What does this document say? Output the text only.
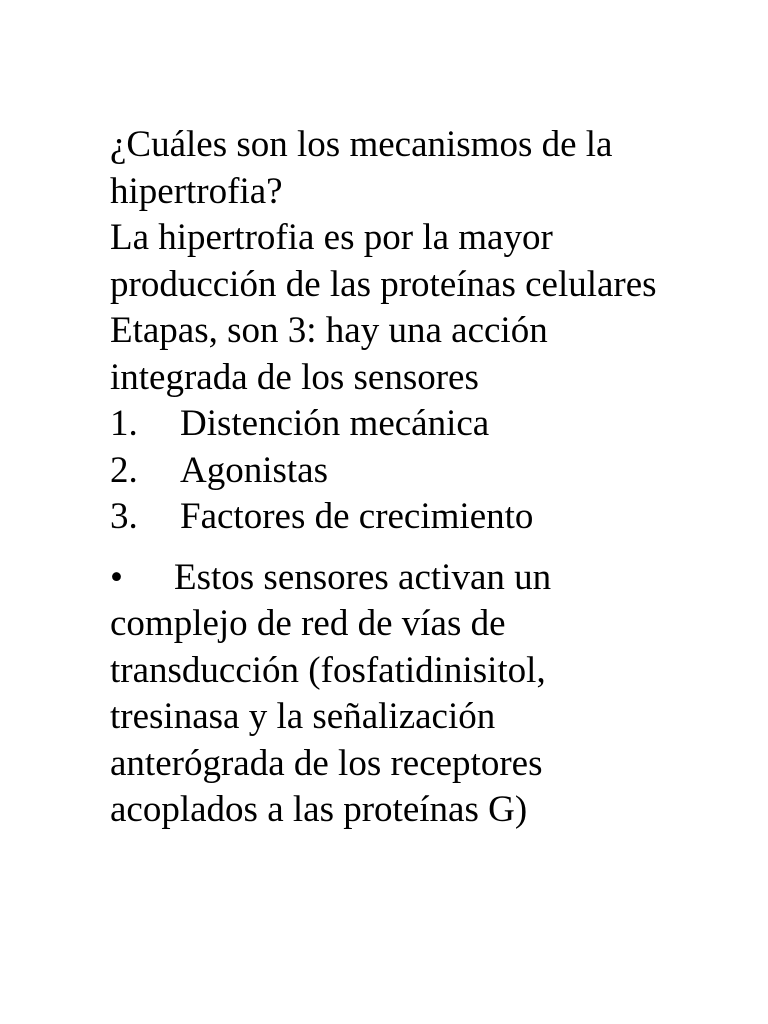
¿Cuáles son los mecanismos de la hipertrofia?

La hipertrofia es por la mayor producción de las proteínas celulares

Etapas, son 3: hay una acción integrada de los sensores

1.	Distención mecánica
2.	Agonistas
3.	Factores de crecimiento

• Estos sensores activan un complejo de red de vías de transducción (fosfatidinisitol, tresinasa y la señalización anterógrada de los receptores acoplados a las proteínas G)
